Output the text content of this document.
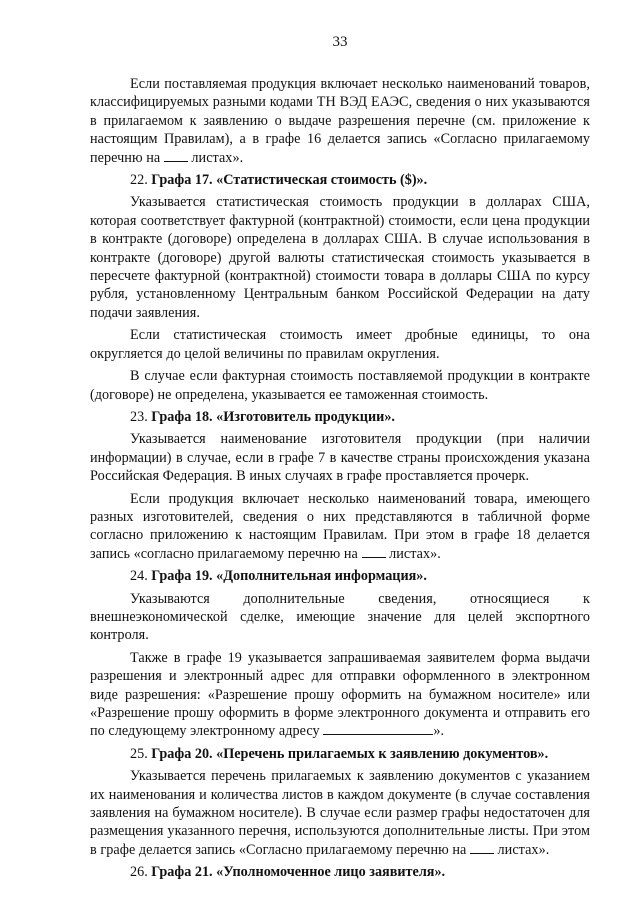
33

Если поставляемая продукция включает несколько наименований товаров, классифицируемых разными кодами ТН ВЭД ЕАЭС, сведения о них указываются в прилагаемом к заявлению о выдаче разрешения перечне (см. приложение к настоящим Правилам), а в графе 16 делается запись «Согласно прилагаемому перечню на листах».

22. Графа 17. «Статистическая стоимость ($)».

Указывается статистическая стоимость продукции в долларах США, которая соответствует фактурной (контрактной) стоимости, если цена продукции в контракте (договоре) определена в долларах США. В случае использования в контракте (договоре) другой валюты статистическая стоимость указывается в пересчете фактурной (контрактной) стоимости товара в доллары США по курсу рубля, установленному Центральным банком Российской Федерации на дату подачи заявления.

Если статистическая стоимость имеет дробные единицы, то она округляется до целой величины по правилам округления.

В случае если фактурная стоимость поставляемой продукции в контракте (договоре) не определена, указывается ее таможенная стоимость.

23. Графа 18. «Изготовитель продукции».

Указывается наименование изготовителя продукции (при наличии информации) в случае, если в графе 7 в качестве страны происхождения указана Российская Федерация. В иных случаях в графе проставляется прочерк.

Если продукция включает несколько наименований товара, имеющего разных изготовителей, сведения о них представляются в табличной форме согласно приложению к настоящим Правилам. При этом в графе 18 делается запись «согласно прилагаемому перечню на листах».

24. Графа 19. «Дополнительная информация».

Указываются дополнительные сведения, относящиеся к внешнеэкономической сделке, имеющие значение для целей экспортного контроля.

Также в графе 19 указывается запрашиваемая заявителем форма выдачи разрешения и электронный адрес для отправки оформленного в электронном виде разрешения: «Разрешение прошу оформить на бумажном носителе» или «Разрешение прошу оформить в форме электронного документа и отправить его по следующему электронному адресу	».

25. Графа 20. «Перечень прилагаемых к заявлению документов».

Указывается перечень прилагаемых к заявлению документов с указанием их наименования и количества листов в каждом документе (в случае составления заявления на бумажном носителе). В случае если размер графы недостаточен для размещения указанного перечня, используются дополнительные листы. При этом в графе делается запись «Согласно прилагаемому перечню на листах».

26. Графа 21. «Уполномоченное лицо заявителя».
